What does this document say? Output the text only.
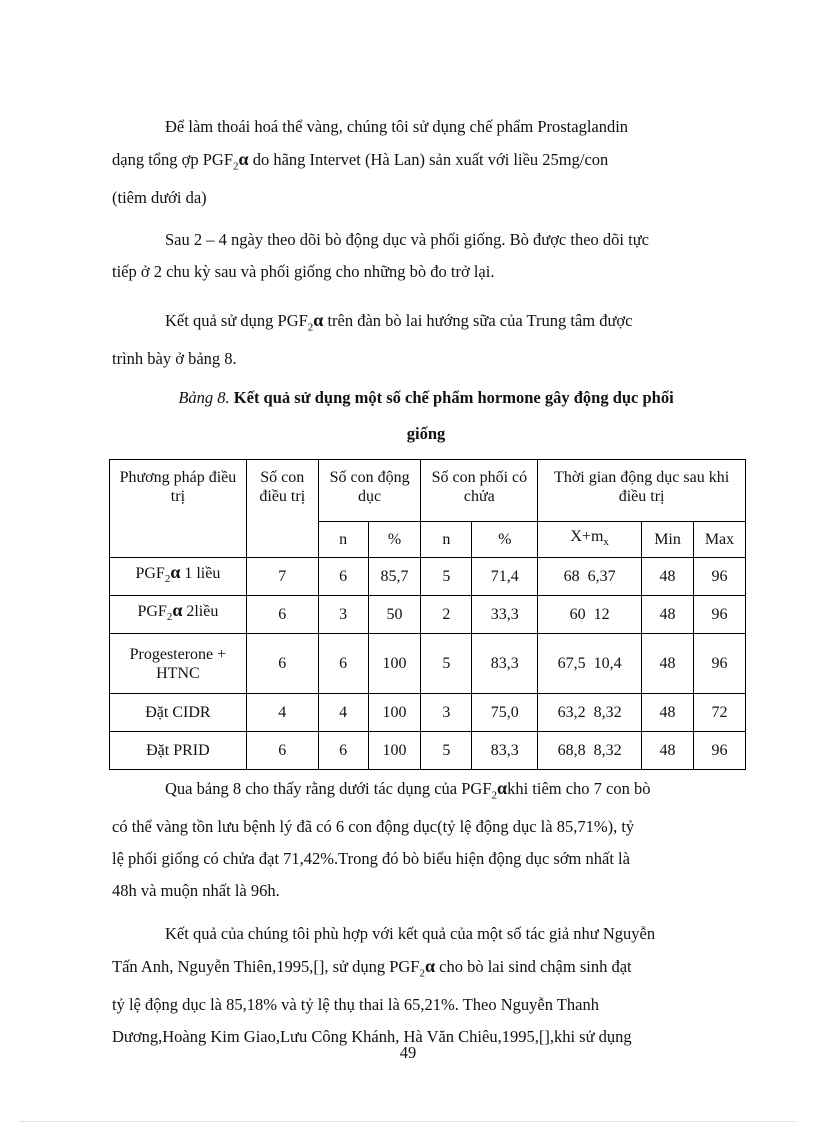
Để làm thoái hoá thể vàng, chúng tôi sử dụng chế phẩm Prostaglandin
dạng tổng ợp $PGF_2\alpha$ do hãng Intervet (Hà Lan) sản xuất với liều 25mg/con
(tiêm dưới da)

Sau 2 – 4 ngày theo dõi bò động dục và phối giống. Bò được theo dõi tực
tiếp ở 2 chu kỳ sau và phối giống cho những bò đo trở lại.

Kết quả sử dụng $PGF_2\alpha$ trên đàn bò lai hướng sữa của Trung tâm được
trình bày ở bảng 8.

Bảng 8. Kết quả sử dụng một số chế phẩm hormone gây động dục phối
giống
Phương pháp điều trị	Số con điều trị	Số con động dục		Số con phối có chửa		Thời gian động dục sau khi điều trị		
		n	%	n	%	$X+m_x$	Min	Max
$PGF_2\alpha$ 1 liều	7	6	85,7	5	71,4	68  6,37	48	96
$PGF_2\alpha$ 2liều	6	3	50	2	33,3	60  12	48	96
Progesterone + HTNC	6	6	100	5	83,3	67,5  10,4	48	96
Đặt CIDR	4	4	100	3	75,0	63,2  8,32	48	72
Đặt PRID	6	6	100	5	83,3	68,8  8,32	48	96

Qua bảng 8 cho thấy rằng dưới tác dụng của $PGF_2\alpha khi$ tiêm cho 7 con bò
có thể vàng tồn lưu bệnh lý đã có 6 con động dục(tỷ lệ động dục là 85,71%), tỷ
lệ phối giống có chửa đạt 71,42%.Trong đó bò biểu hiện động dục sớm nhất là
48h và muộn nhất là 96h.

Kết quả của chúng tôi phù hợp với kết quả của một số tác giả như Nguyễn
Tấn Anh, Nguyễn Thiên,1995,[], sử dụng $PGF_2\alpha$ cho bò lai sind chậm sinh đạt
tỷ lệ động dục là 85,18% và tỷ lệ thụ thai là 65,21%. Theo Nguyễn Thanh
Dương,Hoàng Kim Giao,Lưu Công Khánh, Hà Văn Chiêu,1995,[],khi sử dụng

49
